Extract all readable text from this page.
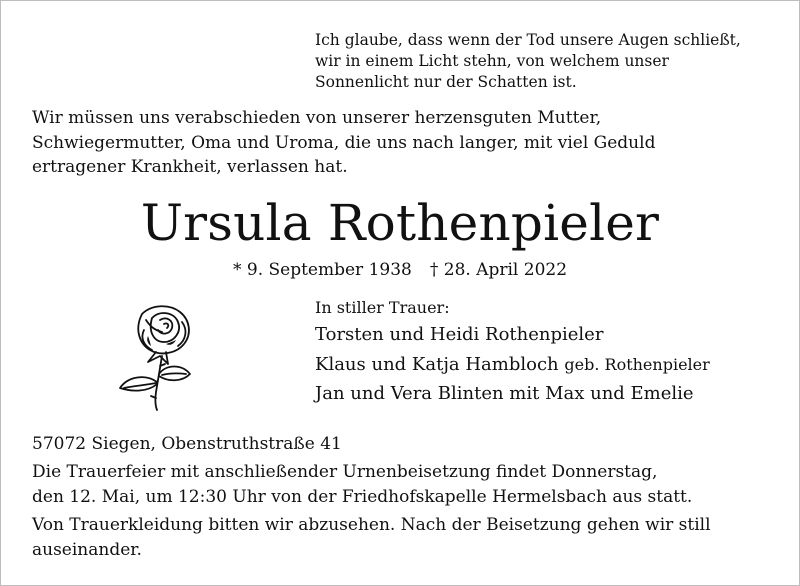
Ich glaube, dass wenn der Tod unsere Augen schließt,
wir in einem Licht stehn, von welchem unser
Sonnenlicht nur der Schatten ist.
Wir müssen uns verabschieden von unserer herzensguten Mutter,
Schwiegermutter, Oma und Uroma, die uns nach langer, mit viel Geduld
ertragener Krankheit, verlassen hat.
Ursula Rothenpieler
* 9. September 1938 † 28. April 2022
In stiller Trauer:
Torsten und Heidi Rothenpieler
Klaus und Katja Hambloch geb. Rothenpieler
Jan und Vera Blinten mit Max und Emelie
57072 Siegen, Obenstruthstraße 41
Die Trauerfeier mit anschließender Urnenbeisetzung findet Donnerstag,
den 12. Mai, um 12:30 Uhr von der Friedhofskapelle Hermelsbach aus statt.
Von Trauerkleidung bitten wir abzusehen. Nach der Beisetzung gehen wir still
auseinander.
